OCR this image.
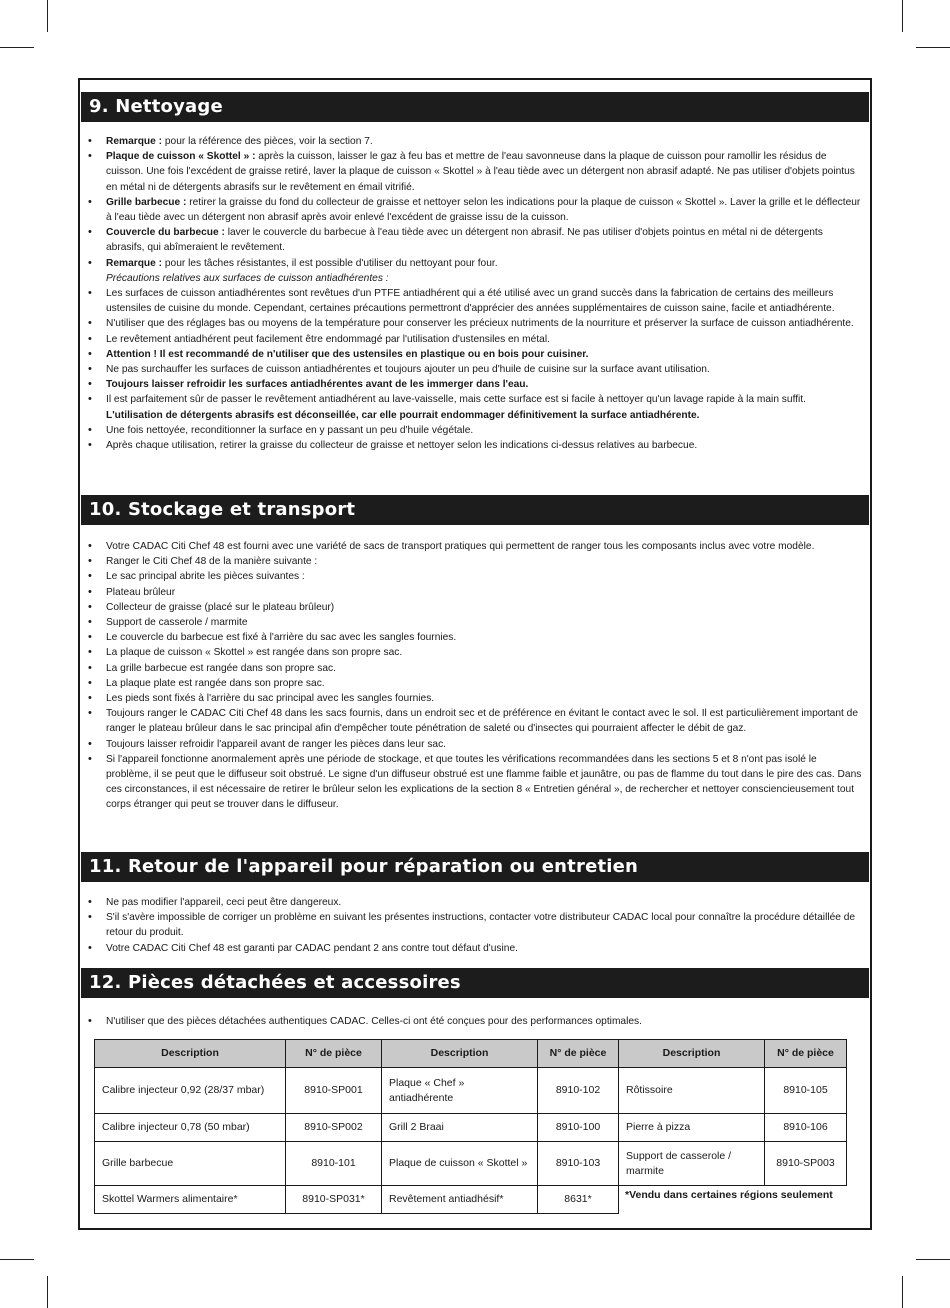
9. Nettoyage
• Remarque : pour la référence des pièces, voir la section 7.
• Plaque de cuisson « Skottel » : après la cuisson, laisser le gaz à feu bas et mettre de l'eau savonneuse dans la plaque de cuisson pour ramollir les résidus de cuisson. Une fois l'excédent de graisse retiré, laver la plaque de cuisson « Skottel » à l'eau tiède avec un détergent non abrasif adapté. Ne pas utiliser d'objets pointus en métal ni de détergents abrasifs sur le revêtement en émail vitrifié.
• Grille barbecue : retirer la graisse du fond du collecteur de graisse et nettoyer selon les indications pour la plaque de cuisson « Skottel ». Laver la grille et le déflecteur à l'eau tiède avec un détergent non abrasif après avoir enlevé l'excédent de graisse issu de la cuisson.
• Couvercle du barbecue : laver le couvercle du barbecue à l'eau tiède avec un détergent non abrasif. Ne pas utiliser d'objets pointus en métal ni de détergents abrasifs, qui abîmeraient le revêtement.
• Remarque : pour les tâches résistantes, il est possible d'utiliser du nettoyant pour four.
Précautions relatives aux surfaces de cuisson antiadhérentes :
• Les surfaces de cuisson antiadhérentes sont revêtues d'un PTFE antiadhérent qui a été utilisé avec un grand succès dans la fabrication de certains des meilleurs ustensiles de cuisine du monde. Cependant, certaines précautions permettront d'apprécier des années supplémentaires de cuisson saine, facile et antiadhérente.
• N'utiliser que des réglages bas ou moyens de la température pour conserver les précieux nutriments de la nourriture et préserver la surface de cuisson antiadhérente.
• Le revêtement antiadhérent peut facilement être endommagé par l'utilisation d'ustensiles en métal.
• Attention ! Il est recommandé de n'utiliser que des ustensiles en plastique ou en bois pour cuisiner.
• Ne pas surchauffer les surfaces de cuisson antiadhérentes et toujours ajouter un peu d'huile de cuisine sur la surface avant utilisation.
• Toujours laisser refroidir les surfaces antiadhérentes avant de les immerger dans l'eau.
• Il est parfaitement sûr de passer le revêtement antiadhérent au lave-vaisselle, mais cette surface est si facile à nettoyer qu'un lavage rapide à la main suffit. L'utilisation de détergents abrasifs est déconseillée, car elle pourrait endommager définitivement la surface antiadhérente.
• Une fois nettoyée, reconditionner la surface en y passant un peu d'huile végétale.
• Après chaque utilisation, retirer la graisse du collecteur de graisse et nettoyer selon les indications ci-dessus relatives au barbecue.
10. Stockage et transport
• Votre CADAC Citi Chef 48 est fourni avec une variété de sacs de transport pratiques qui permettent de ranger tous les composants inclus avec votre modèle.
• Ranger le Citi Chef 48 de la manière suivante :
• Le sac principal abrite les pièces suivantes :
• Plateau brûleur
• Collecteur de graisse (placé sur le plateau brûleur)
• Support de casserole / marmite
• Le couvercle du barbecue est fixé à l'arrière du sac avec les sangles fournies.
• La plaque de cuisson « Skottel » est rangée dans son propre sac.
• La grille barbecue est rangée dans son propre sac.
• La plaque plate est rangée dans son propre sac.
• Les pieds sont fixés à l'arrière du sac principal avec les sangles fournies.
• Toujours ranger le CADAC Citi Chef 48 dans les sacs fournis, dans un endroit sec et de préférence en évitant le contact avec le sol. Il est particulièrement important de ranger le plateau brûleur dans le sac principal afin d'empêcher toute pénétration de saleté ou d'insectes qui pourraient affecter le débit de gaz.
• Toujours laisser refroidir l'appareil avant de ranger les pièces dans leur sac.
• Si l'appareil fonctionne anormalement après une période de stockage, et que toutes les vérifications recommandées dans les sections 5 et 8 n'ont pas isolé le problème, il se peut que le diffuseur soit obstrué. Le signe d'un diffuseur obstrué est une flamme faible et jaunâtre, ou pas de flamme du tout dans le pire des cas. Dans ces circonstances, il est nécessaire de retirer le brûleur selon les explications de la section 8 « Entretien général », de rechercher et nettoyer consciencieusement tout corps étranger qui peut se trouver dans le diffuseur.
11. Retour de l'appareil pour réparation ou entretien
• Ne pas modifier l'appareil, ceci peut être dangereux.
• S'il s'avère impossible de corriger un problème en suivant les présentes instructions, contacter votre distributeur CADAC local pour connaître la procédure détaillée de retour du produit.
• Votre CADAC Citi Chef 48 est garanti par CADAC pendant 2 ans contre tout défaut d'usine.
12. Pièces détachées et accessoires
• N'utiliser que des pièces détachées authentiques CADAC. Celles-ci ont été conçues pour des performances optimales.
Description	N° de pièce	Description	N° de pièce	Description	N° de pièce
Calibre injecteur 0,92 (28/37 mbar)	8910-SP001	Plaque « Chef » antiadhérente	8910-102	Rôtissoire	8910-105
Calibre injecteur 0,78 (50 mbar)	8910-SP002	Grill 2 Braai	8910-100	Pierre à pizza	8910-106
Grille barbecue	8910-101	Plaque de cuisson « Skottel »	8910-103	Support de casserole / marmite	8910-SP003
Skottel Warmers alimentaire*	8910-SP031*	Revêtement antiadhésif*	8631*	*Vendu dans certaines régions seulement	
